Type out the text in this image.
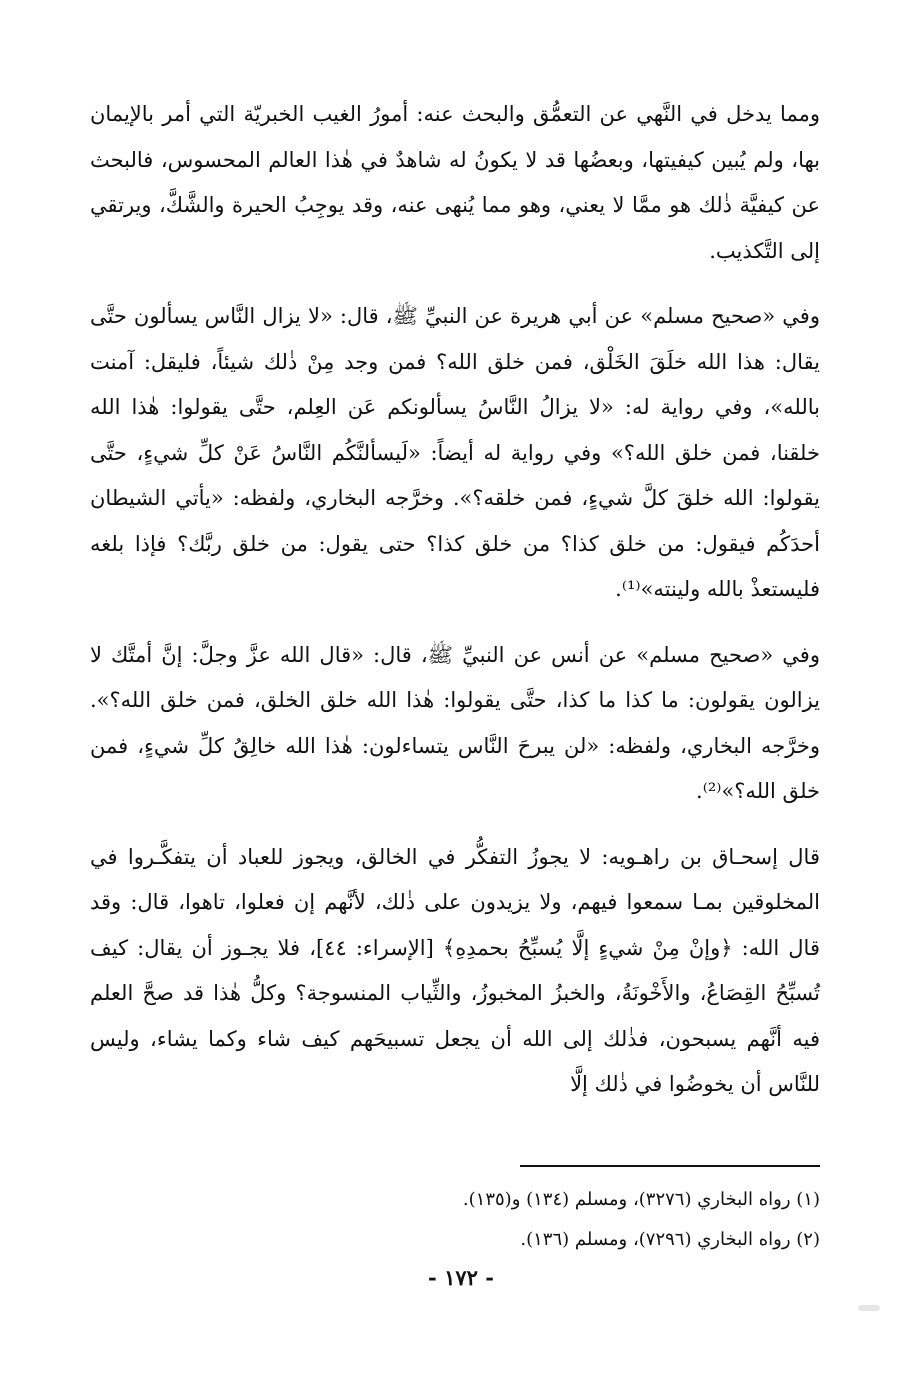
ومما يدخل في النَّهي عن التعمُّق والبحث عنه: أمورُ الغيب الخبريّة التي أمر بالإيمان بها، ولم يُبين كيفيتها، وبعضُها قد لا يكونُ له شاهدٌ في هٰذا العالم المحسوس، فالبحث عن كيفيَّة ذٰلك هو ممَّا لا يعني، وهو مما يُنهى عنه، وقد يوجِبُ الحيرة والشَّكَّ، ويرتقي إلى التَّكذيب.

وفي «صحيح مسلم» عن أبي هريرة عن النبيِّ ﷺ، قال: «لا يزال النَّاس يسألون حتَّى يقال: هذا الله خلَقَ الخَلْق، فمن خلق الله؟ فمن وجد مِنْ ذٰلك شيئاً، فليقل: آمنت بالله»، وفي رواية له: «لا يزالُ النَّاسُ يسألونكم عَن العِلم، حتَّى يقولوا: هٰذا الله خلقنا، فمن خلق الله؟» وفي رواية له أيضاً: «لَيسألنَّكُم النَّاسُ عَنْ كلِّ شيءٍ، حتَّى يقولوا: الله خلقَ كلَّ شيءٍ، فمن خلقه؟». وخرَّجه البخاري، ولفظه: «يأتي الشيطان أحدَكُم فيقول: من خلق كذا؟ من خلق كذا؟ حتى يقول: من خلق ربَّك؟ فإذا بلغه فليستعذْ بالله ولينته»⁽¹⁾.

وفي «صحيح مسلم» عن أنس عن النبيِّ ﷺ، قال: «قال الله عزَّ وجلَّ: إنَّ أمتَّك لا يزالون يقولون: ما كذا ما كذا، حتَّى يقولوا: هٰذا الله خلق الخلق، فمن خلق الله؟». وخرَّجه البخاري، ولفظه: «لن يبرحَ النَّاس يتساءلون: هٰذا الله خالِقُ كلِّ شيءٍ، فمن خلق الله؟»⁽²⁾.

قال إسحـاق بن راهـويه: لا يجوزُ التفكُّر في الخالق، ويجوز للعباد أن يتفكَّـروا في المخلوقين بمـا سمعوا فيهم، ولا يزيدون على ذٰلك، لأنَّهم إن فعلوا، تاهوا، قال: وقد قال الله: ﴿وإنْ مِنْ شيءٍ إلَّا يُسبِّحُ بحمدِهِ﴾ [الإسراء: ٤٤]، فلا يجـوز أن يقال: كيف تُسبِّحُ القِصَاعُ، والأَخْونَةُ، والخبزُ المخبوزُ، والثِّياب المنسوجة؟ وكلُّ هٰذا قد صحَّ العلم فيه أنَّهم يسبحون، فذٰلك إلى الله أن يجعل تسبيحَهم كيف شاء وكما يشاء، وليس للنَّاس أن يخوضُوا في ذٰلك إلَّا

(١) رواه البخاري (٣٢٧٦)، ومسلم (١٣٤) و(١٣٥).

(٢) رواه البخاري (٧٢٩٦)، ومسلم (١٣٦).

- ١٧٢ -
